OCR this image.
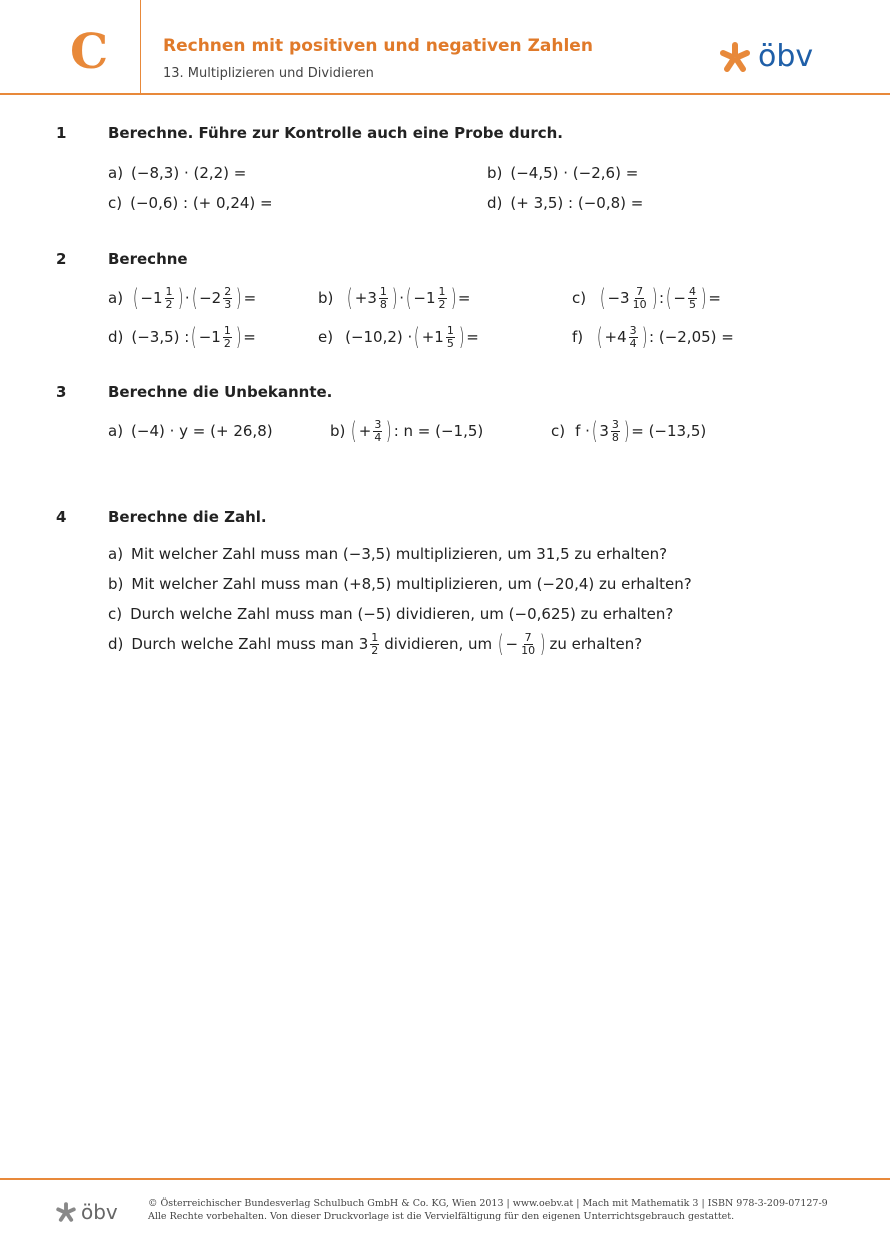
C	Rechnen mit positiven und negativen Zahlen
13. Multiplizieren und Dividieren	öbv
1	Berechne. Führe zur Kontrolle auch eine Probe durch.
a) (−8,3) · (2,2) =	b) (−4,5) · (−2,6) =
c) (−0,6) : (+ 0,24) =	d) (+ 3,5) : (−0,8) =
2	Berechne
a) ( $-1 \frac{1}{2}$ ) · ( $-2 \frac{2}{3}$ ) =	b) ( $+3 \frac{1}{8}$ ) · ( $-1 \frac{1}{2}$ ) =	c) ( $-3 \frac{7}{10}$ ) : ( − $\frac{4}{5}$ ) =
d) (−3,5) : ( $-1 \frac{1}{2}$ ) =	e) (−10,2) · ( $+1 \frac{1}{5}$ ) =	f) ( $+4 \frac{3}{4}$ ) : (−2,05) =
3	Berechne die Unbekannte.
a) (−4) · y = (+ 26,8)	b) ( + $\frac{3}{4}$ ) : n = (−1,5)	c) f · ( $3 \frac{3}{8}$ ) = (−13,5)
4	Berechne die Zahl.
a) Mit welcher Zahl muss man (−3,5) multiplizieren, um 31,5 zu erhalten?
b) Mit welcher Zahl muss man (+8,5) multiplizieren, um (−20,4) zu erhalten?
c) Durch welche Zahl muss man (−5) dividieren, um (−0,625) zu erhalten?
d) Durch welche Zahl muss man $3 \frac{1}{2}$ dividieren, um ( − $\frac{7}{10}$ ) zu erhalten?
öbv	© Österreichischer Bundesverlag Schulbuch GmbH & Co. KG, Wien 2013 | www.oebv.at | Mach mit Mathematik 3 | ISBN 978-3-209-07127-9
Alle Rechte vorbehalten. Von dieser Druckvorlage ist die Vervielfältigung für den eigenen Unterrichtsgebrauch gestattet.
